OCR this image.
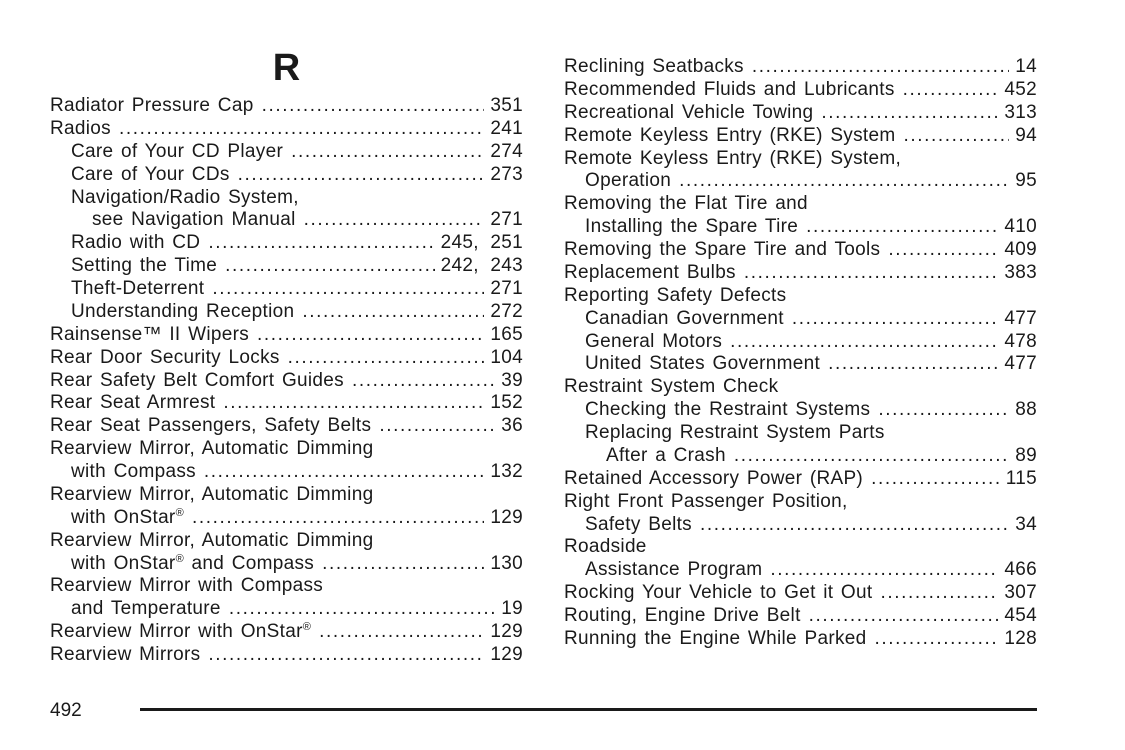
R
Radiator Pressure Cap .....	351
Radios .....	241
Care of Your CD Player .....	274
Care of Your CDs .....	273
Navigation/Radio System,
see Navigation Manual .....	271
Radio with CD .....	245, 251
Setting the Time .....	242, 243
Theft-Deterrent .....	271
Understanding Reception .....	272
Rainsense™ II Wipers .....	165
Rear Door Security Locks .....	104
Rear Safety Belt Comfort Guides .....	39
Rear Seat Armrest .....	152
Rear Seat Passengers, Safety Belts .....	36
Rearview Mirror, Automatic Dimming
with Compass .....	132
Rearview Mirror, Automatic Dimming
with OnStar® .....	129
Rearview Mirror, Automatic Dimming
with OnStar® and Compass .....	130
Rearview Mirror with Compass
and Temperature .....	19
Rearview Mirror with OnStar® .....	129
Rearview Mirrors .....	129
Reclining Seatbacks .....	14
Recommended Fluids and Lubricants .....	452
Recreational Vehicle Towing .....	313
Remote Keyless Entry (RKE) System .....	94
Remote Keyless Entry (RKE) System,
Operation .....	95
Removing the Flat Tire and
Installing the Spare Tire .....	410
Removing the Spare Tire and Tools .....	409
Replacement Bulbs .....	383
Reporting Safety Defects
Canadian Government .....	477
General Motors .....	478
United States Government .....	477
Restraint System Check
Checking the Restraint Systems .....	88
Replacing Restraint System Parts
After a Crash .....	89
Retained Accessory Power (RAP) .....	115
Right Front Passenger Position,
Safety Belts .....	34
Roadside
Assistance Program .....	466
Rocking Your Vehicle to Get it Out .....	307
Routing, Engine Drive Belt .....	454
Running the Engine While Parked .....	128
492
